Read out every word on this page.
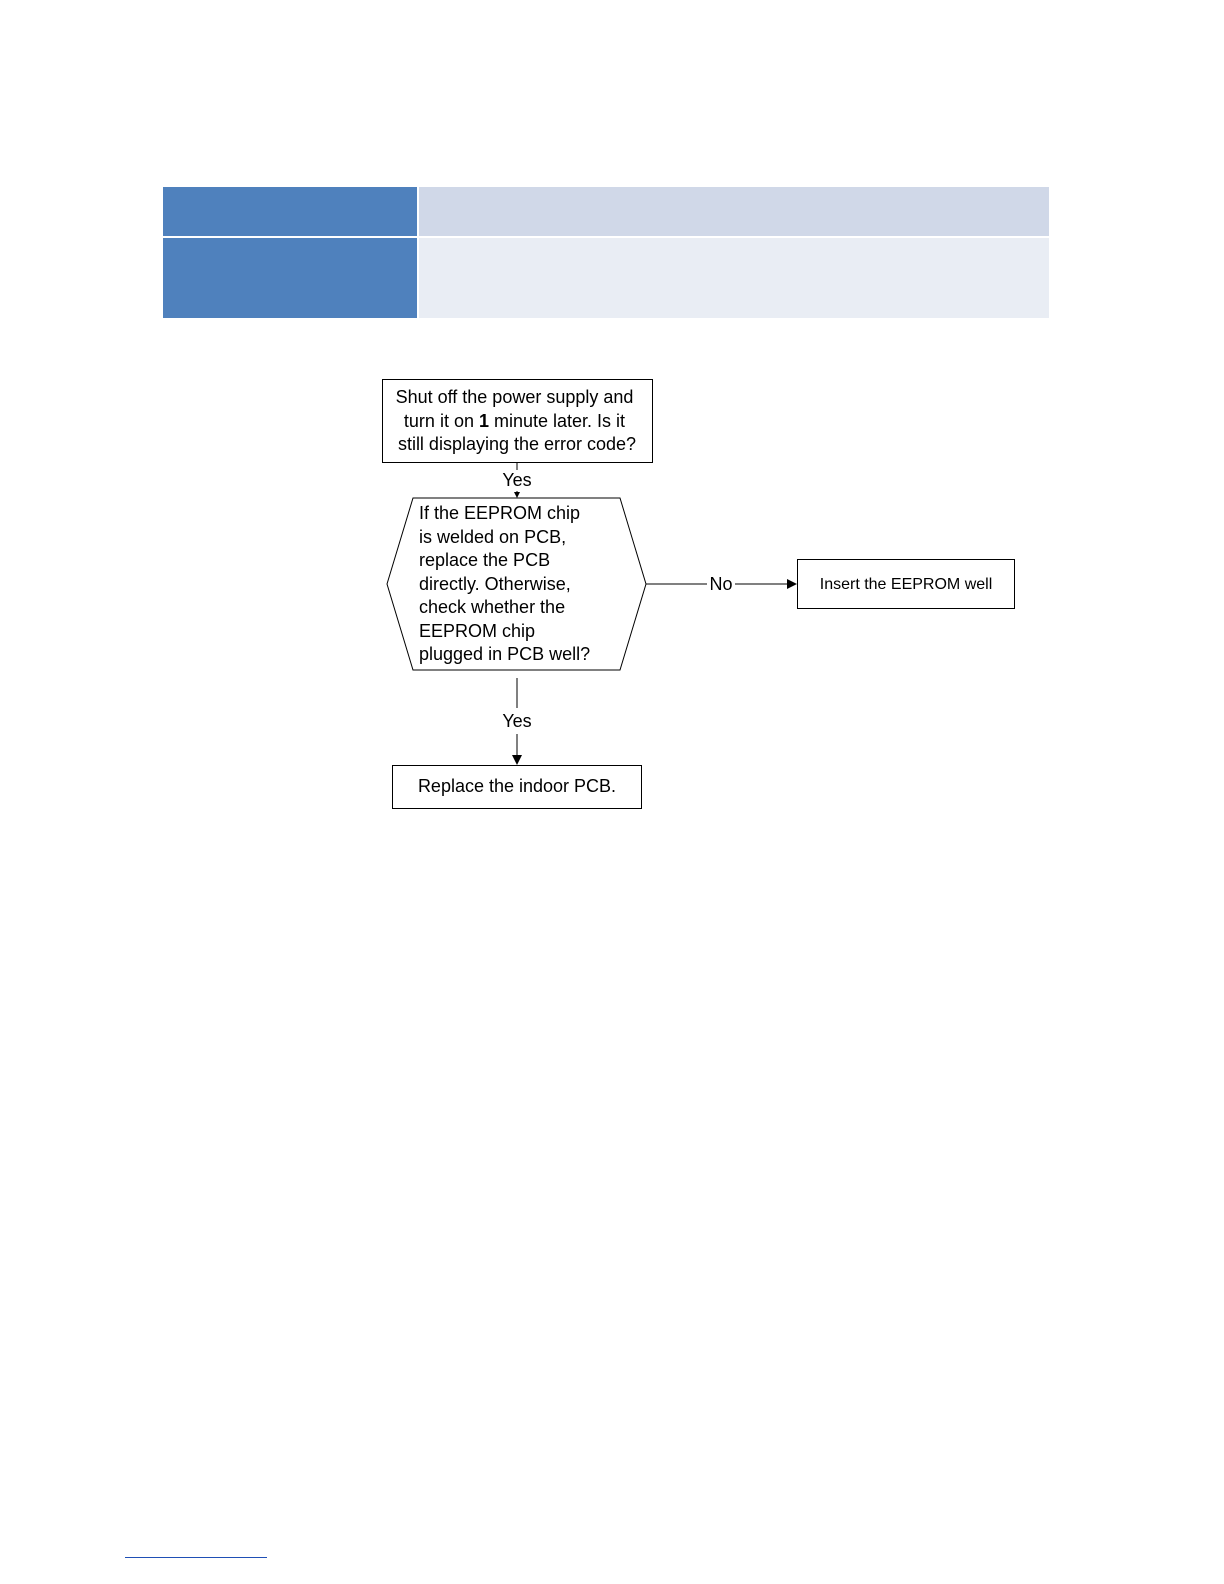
Shut off the power supply and turn it on 1 minute later. Is it still displaying the error code?
Yes
If the EEPROM chip is welded on PCB, replace the PCB directly. Otherwise, check whether the EEPROM chip plugged in PCB well?
No	Insert the EEPROM well
Yes
Replace the indoor PCB.
